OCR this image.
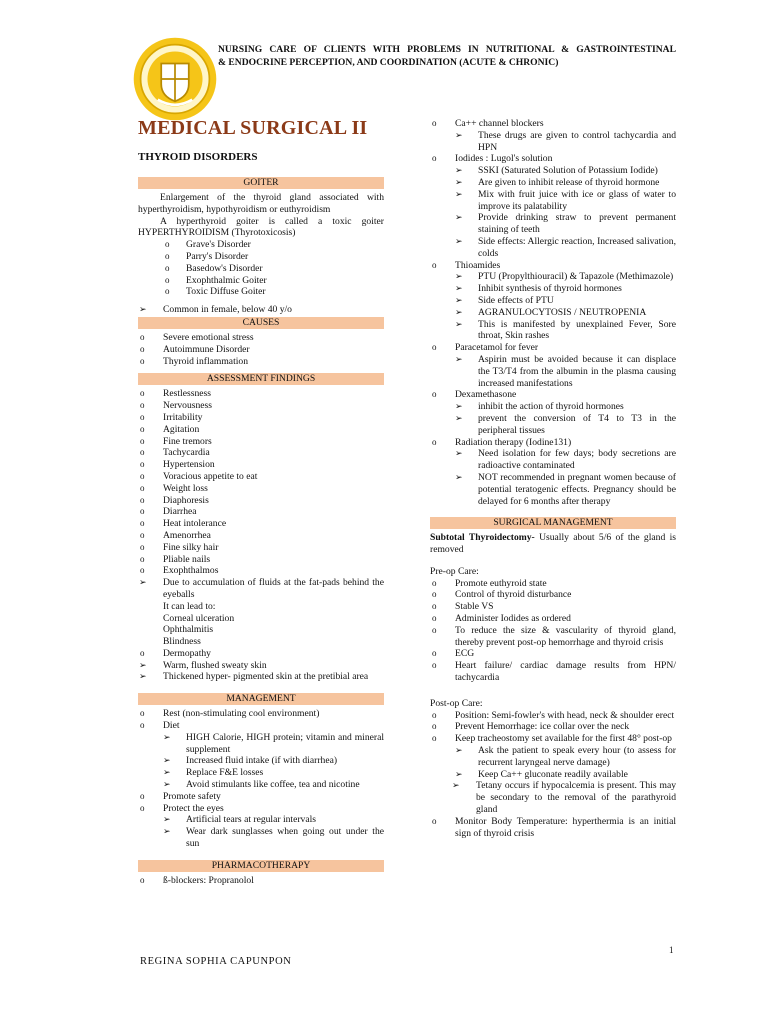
NURSING CARE OF CLIENTS WITH PROBLEMS IN NUTRITIONAL & GASTROINTESTINAL
& ENDOCRINE PERCEPTION, AND COORDINATION (ACUTE & CHRONIC)
MEDICAL SURGICAL II
THYROID DISORDERS
GOITER

Enlargement of the thyroid gland associated with hyperthyroidism, hypothyroidism or euthyroidism

A hyperthyroid goiter is called a toxic goiter HYPERTHYROIDISM (Thyrotoxicosis)

o Grave's Disorder
o Parry's Disorder
o Basedow's Disorder
o Exophthalmic Goiter
o Toxic Diffuse Goiter
➢ Common in female, below 40 y/o
CAUSES
o Severe emotional stress
o Autoimmune Disorder
o Thyroid inflammation
ASSESSMENT FINDINGS
o Restlessness
o Nervousness
o Irritability
o Agitation
o Fine tremors
o Tachycardia
o Hypertension
o Voracious appetite to eat
o Weight loss
o Diaphoresis
o Diarrhea
o Heat intolerance
o Amenorrhea
o Fine silky hair
o Pliable nails
o Exophthalmos
➢ Due to accumulation of fluids at the fat-pads behind the eyeballs
It can lead to:
Corneal ulceration
Ophthalmitis
Blindness
o Dermopathy
➢ Warm, flushed sweaty skin
➢ Thickened hyper- pigmented skin at the pretibial area
MANAGEMENT
o Rest (non-stimulating cool environment)
o Diet
➢ HIGH Calorie, HIGH protein; vitamin and mineral supplement
➢ Increased fluid intake (if with diarrhea)
➢ Replace F&E losses
➢ Avoid stimulants like coffee, tea and nicotine
o Promote safety
o Protect the eyes
➢ Artificial tears at regular intervals
➢ Wear dark sunglasses when going out under the sun
PHARMACOTHERAPY
o ß-blockers: Propranolol
o Ca++ channel blockers
➢ These drugs are given to control tachycardia and HPN
o Iodides : Lugol's solution
➢ SSKI (Saturated Solution of Potassium Iodide)
➢ Are given to inhibit release of thyroid hormone
➢ Mix with fruit juice with ice or glass of water to improve its palatability
➢ Provide drinking straw to prevent permanent staining of teeth
➢ Side effects: Allergic reaction, Increased salivation, colds
o Thioamides
➢ PTU (Propylthiouracil) & Tapazole (Methimazole)
➢ Inhibit synthesis of thyroid hormones
➢ Side effects of PTU
➢ AGRANULOCYTOSIS / NEUTROPENIA
➢ This is manifested by unexplained Fever, Sore throat, Skin rashes
o Paracetamol for fever
➢ Aspirin must be avoided because it can displace the T3/T4 from the albumin in the plasma causing increased manifestations
o Dexamethasone
➢ inhibit the action of thyroid hormones
➢ prevent the conversion of T4 to T3 in the peripheral tissues
o Radiation therapy (Iodine131)
➢ Need isolation for few days; body secretions are radioactive contaminated
➢ NOT recommended in pregnant women because of potential teratogenic effects. Pregnancy should be delayed for 6 months after therapy
SURGICAL MANAGEMENT
Subtotal Thyroidectomy- Usually about 5/6 of the gland is removed
Pre-op Care:
o Promote euthyroid state
o Control of thyroid disturbance
o Stable VS
o Administer Iodides as ordered
o To reduce the size & vascularity of thyroid gland, thereby prevent post-op hemorrhage and thyroid crisis
o ECG
o Heart failure/ cardiac damage results from HPN/ tachycardia
Post-op Care:
o Position: Semi-fowler's with head, neck & shoulder erect
o Prevent Hemorrhage: ice collar over the neck
o Keep tracheostomy set available for the first 48° post-op
➢ Ask the patient to speak every hour (to assess for recurrent laryngeal nerve damage)
➢ Keep Ca++ gluconate readily available
➢ Tetany occurs if hypocalcemia is present. This may be secondary to the removal of the parathyroid gland
o Monitor Body Temperature: hyperthermia is an initial sign of thyroid crisis
1
REGINA SOPHIA CAPUNPON
